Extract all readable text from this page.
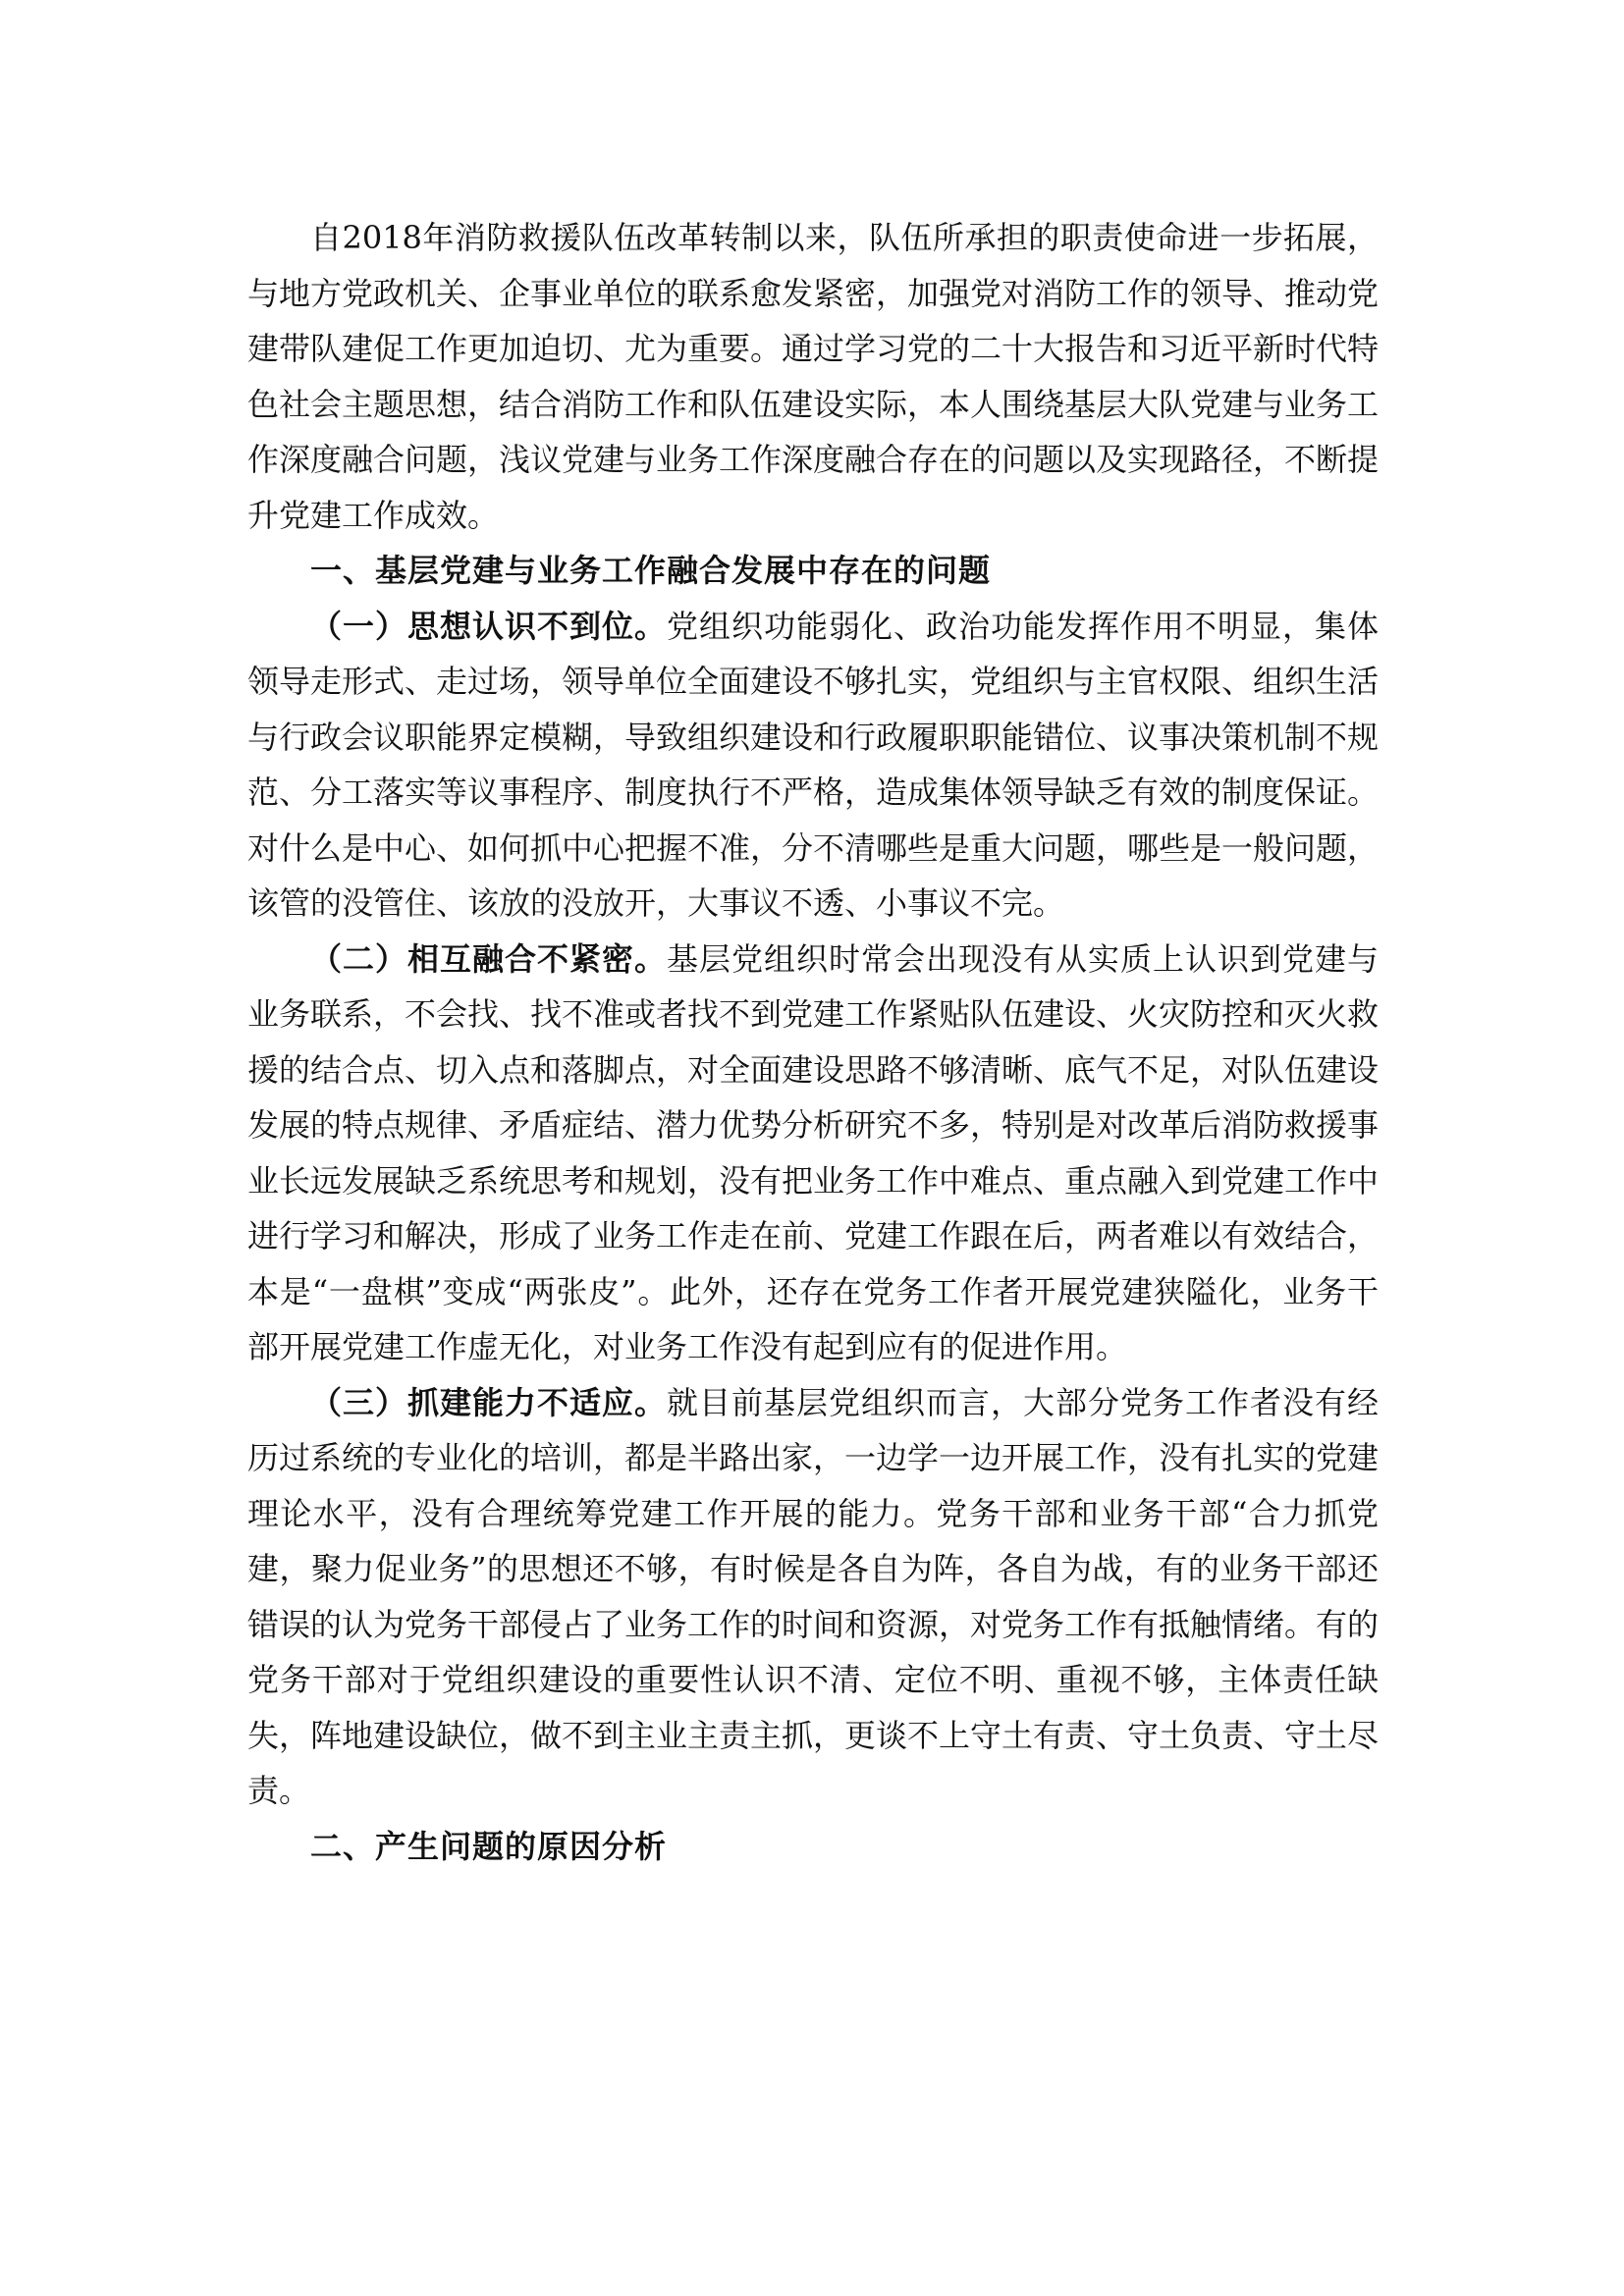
自2018年消防救援队伍改革转制以来，队伍所承担的职责使命进一步拓展，与地方党政机关、企事业单位的联系愈发紧密，加强党对消防工作的领导、推动党建带队建促工作更加迫切、尤为重要。通过学习党的二十大报告和习近平新时代特色社会主题思想，结合消防工作和队伍建设实际，本人围绕基层大队党建与业务工作深度融合问题，浅议党建与业务工作深度融合存在的问题以及实现路径，不断提升党建工作成效。

一、基层党建与业务工作融合发展中存在的问题

（一）思想认识不到位。党组织功能弱化、政治功能发挥作用不明显，集体领导走形式、走过场，领导单位全面建设不够扎实，党组织与主官权限、组织生活与行政会议职能界定模糊，导致组织建设和行政履职职能错位、议事决策机制不规范、分工落实等议事程序、制度执行不严格，造成集体领导缺乏有效的制度保证。对什么是中心、如何抓中心把握不准，分不清哪些是重大问题，哪些是一般问题，该管的没管住、该放的没放开，大事议不透、小事议不完。

（二）相互融合不紧密。基层党组织时常会出现没有从实质上认识到党建与业务联系，不会找、找不准或者找不到党建工作紧贴队伍建设、火灾防控和灭火救援的结合点、切入点和落脚点，对全面建设思路不够清晰、底气不足，对队伍建设发展的特点规律、矛盾症结、潜力优势分析研究不多，特别是对改革后消防救援事业长远发展缺乏系统思考和规划，没有把业务工作中难点、重点融入到党建工作中进行学习和解决，形成了业务工作走在前、党建工作跟在后，两者难以有效结合，本是“一盘棋”变成“两张皮”。此外，还存在党务工作者开展党建狭隘化，业务干部开展党建工作虚无化，对业务工作没有起到应有的促进作用。

（三）抓建能力不适应。就目前基层党组织而言，大部分党务工作者没有经历过系统的专业化的培训，都是半路出家，一边学一边开展工作，没有扎实的党建理论水平，没有合理统筹党建工作开展的能力。党务干部和业务干部“合力抓党建，聚力促业务”的思想还不够，有时候是各自为阵，各自为战，有的业务干部还错误的认为党务干部侵占了业务工作的时间和资源，对党务工作有抵触情绪。有的党务干部对于党组织建设的重要性认识不清、定位不明、重视不够，主体责任缺失，阵地建设缺位，做不到主业主责主抓，更谈不上守土有责、守土负责、守土尽责。

二、产生问题的原因分析
